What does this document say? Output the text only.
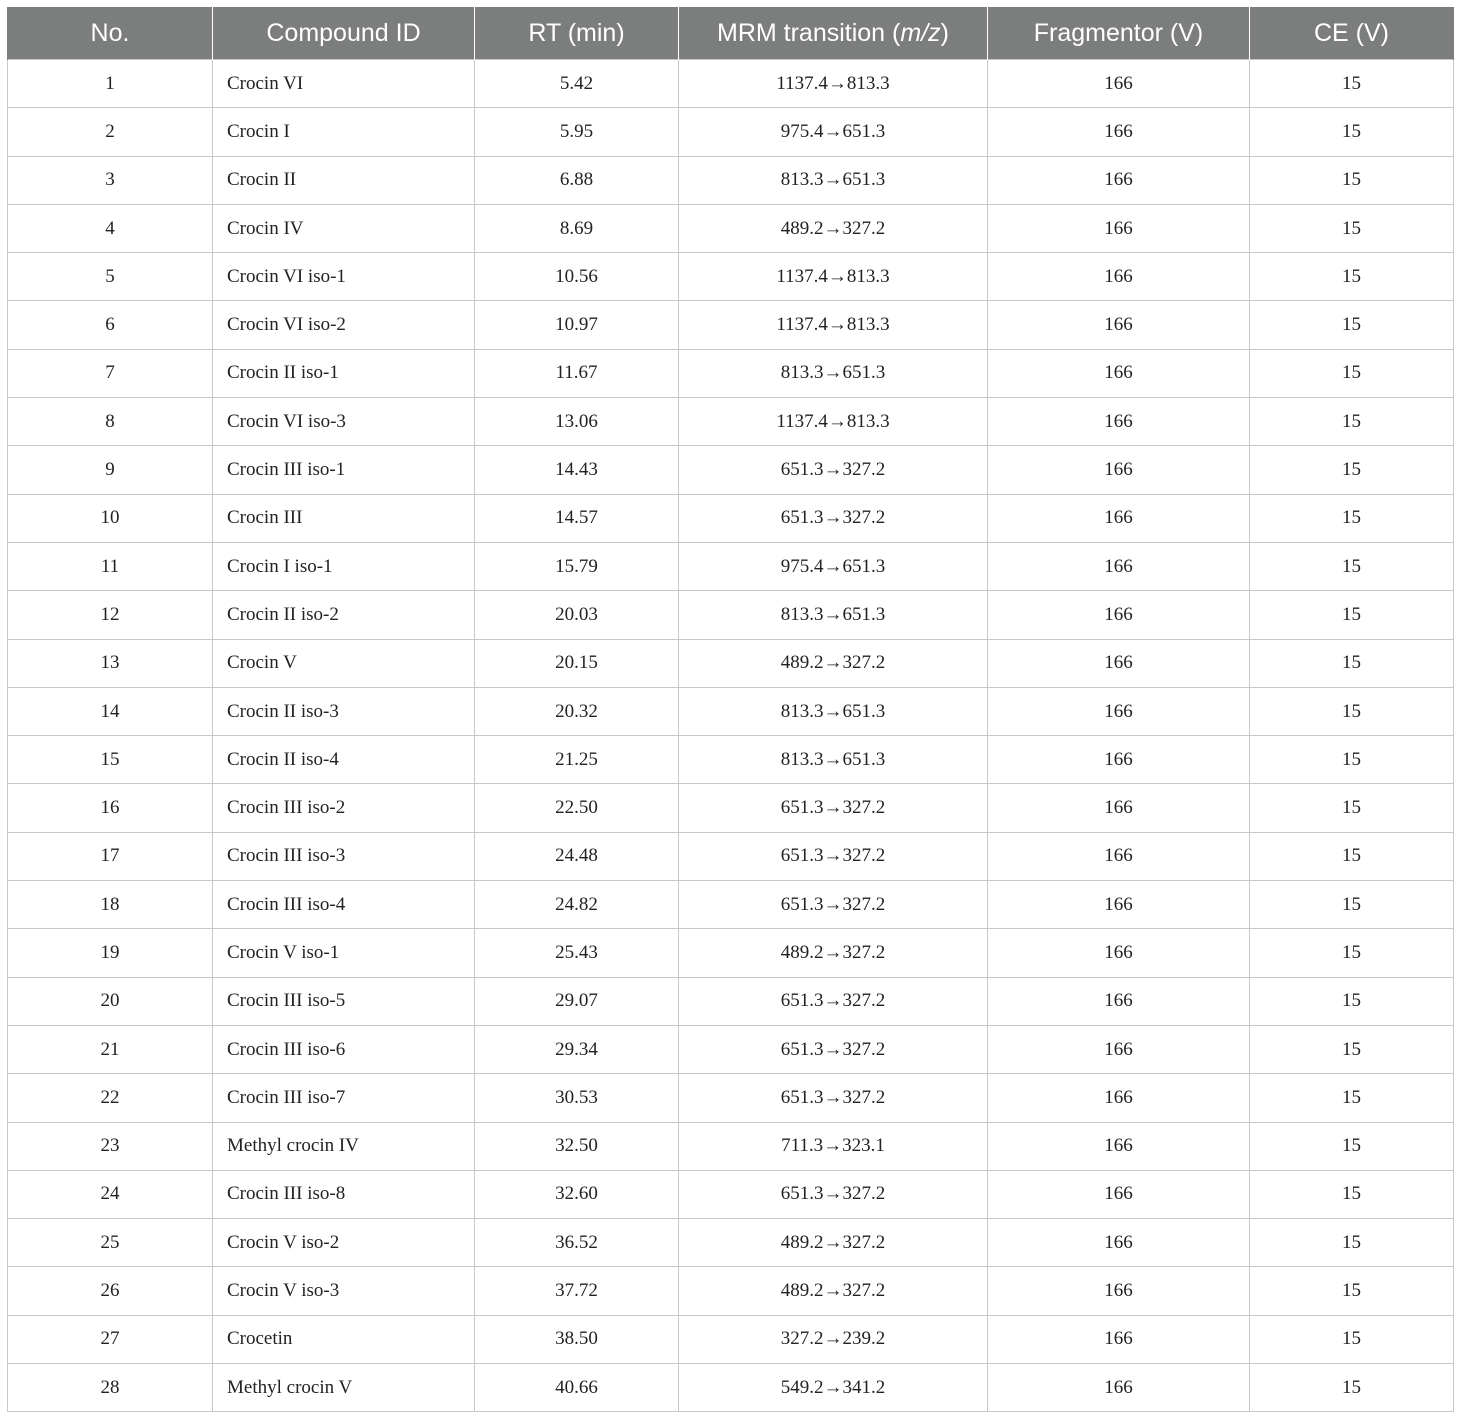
No.	Compound ID	RT (min)	MRM transition (m/z)	Fragmentor (V)	CE (V)
1	Crocin VI	5.42	1137.4→813.3	166	15
2	Crocin I	5.95	975.4→651.3	166	15
3	Crocin II	6.88	813.3→651.3	166	15
4	Crocin IV	8.69	489.2→327.2	166	15
5	Crocin VI iso-1	10.56	1137.4→813.3	166	15
6	Crocin VI iso-2	10.97	1137.4→813.3	166	15
7	Crocin II iso-1	11.67	813.3→651.3	166	15
8	Crocin VI iso-3	13.06	1137.4→813.3	166	15
9	Crocin III iso-1	14.43	651.3→327.2	166	15
10	Crocin III	14.57	651.3→327.2	166	15
11	Crocin I iso-1	15.79	975.4→651.3	166	15
12	Crocin II iso-2	20.03	813.3→651.3	166	15
13	Crocin V	20.15	489.2→327.2	166	15
14	Crocin II iso-3	20.32	813.3→651.3	166	15
15	Crocin II iso-4	21.25	813.3→651.3	166	15
16	Crocin III iso-2	22.50	651.3→327.2	166	15
17	Crocin III iso-3	24.48	651.3→327.2	166	15
18	Crocin III iso-4	24.82	651.3→327.2	166	15
19	Crocin V iso-1	25.43	489.2→327.2	166	15
20	Crocin III iso-5	29.07	651.3→327.2	166	15
21	Crocin III iso-6	29.34	651.3→327.2	166	15
22	Crocin III iso-7	30.53	651.3→327.2	166	15
23	Methyl crocin IV	32.50	711.3→323.1	166	15
24	Crocin III iso-8	32.60	651.3→327.2	166	15
25	Crocin V iso-2	36.52	489.2→327.2	166	15
26	Crocin V iso-3	37.72	489.2→327.2	166	15
27	Crocetin	38.50	327.2→239.2	166	15
28	Methyl crocin V	40.66	549.2→341.2	166	15
